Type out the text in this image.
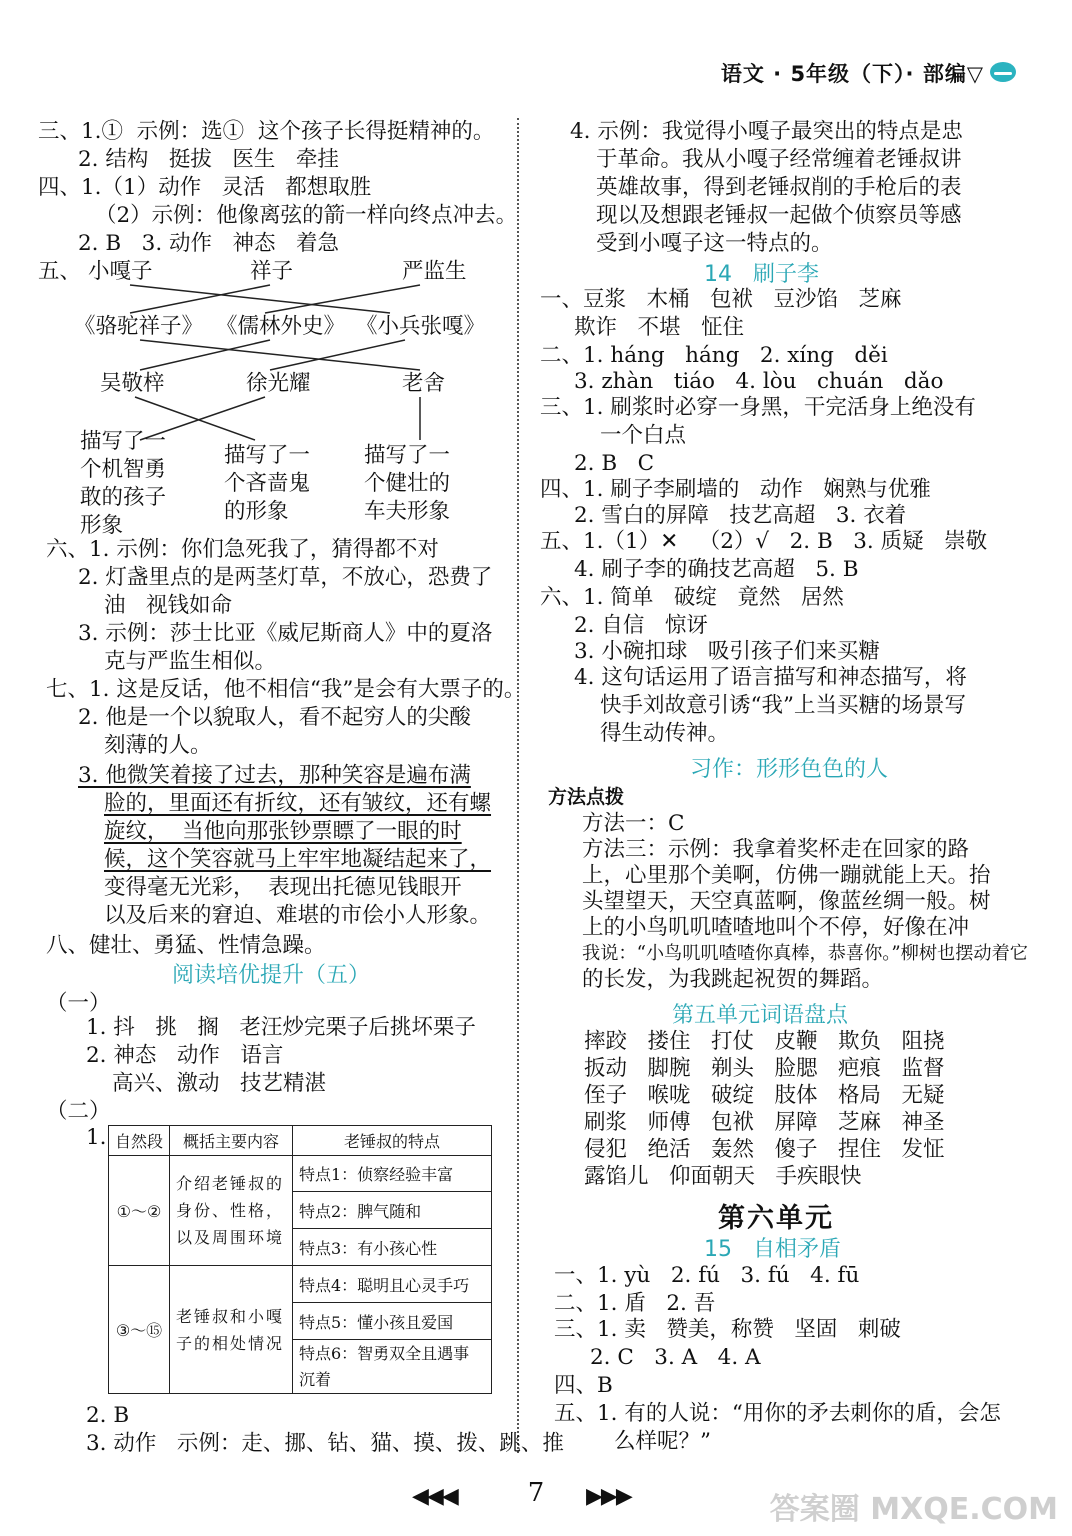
语文 · 5年级（下）· 部编▽
三、1.①  示例：选①  这个孩子长得挺精神的。
2. 结构   挺拔   医生   牵挂
四、1.（1）动作   灵活   都想取胜
（2）示例：他像离弦的箭一样向终点冲去。
2. B   3. 动作   神态   着急
五、 小嘎子	祥子	严监生
《骆驼祥子》 《儒林外史》 《小兵张嘎》
吴敬梓	徐光耀	老舍
描写了一
个机智勇
敢的孩子
形象
描写了一
个吝啬鬼
的形象
描写了一
个健壮的
车夫形象
六、1. 示例：你们急死我了，猜得都不对
2. 灯盏里点的是两茎灯草，不放心，恐费了
油   视钱如命
3. 示例：莎士比亚《威尼斯商人》中的夏洛
克与严监生相似。
七、1. 这是反话，他不相信“我”是会有大票子的。
2. 他是一个以貌取人，看不起穷人的尖酸
刻薄的人。
3. 他微笑着接了过去，那种笑容是遍布满
脸的，里面还有折纹，还有皱纹，还有螺
旋纹，  当他向那张钞票瞟了一眼的时
候，这个笑容就马上牢牢地凝结起来了，
变得毫无光彩，  表现出托德见钱眼开
以及后来的窘迫、难堪的市侩小人形象。
八、健壮、勇猛、性情急躁。
阅读培优提升（五）
（一）
1. 抖   挑   搁   老汪炒完栗子后挑坏栗子
2. 神态   动作   语言
高兴、激动   技艺精湛
（二）
1. 自然段	概括主要内容	老锤叔的特点
①～②	介绍老锤叔的身份、性格，以及周围环境	特点1：侦察经验丰富
		特点2：脾气随和
		特点3：有小孩心性
③～⑮	老锤叔和小嘎子的相处情况	特点4：聪明且心灵手巧
		特点5：懂小孩且爱国
		特点6：智勇双全且遇事沉着
2. B
3. 动作   示例：走、挪、钻、猫、摸、拨、跳、推
4. 示例：我觉得小嘎子最突出的特点是忠
于革命。我从小嘎子经常缠着老锤叔讲
英雄故事，得到老锤叔削的手枪后的表
现以及想跟老锤叔一起做个侦察员等感
受到小嘎子这一特点的。
14   刷子李
一、豆浆   木桶   包袱   豆沙馅   芝麻
欺诈   不堪   怔住
二、1. háng   háng   2. xíng   děi
3. zhàn   tiáo   4. lòu   chuán   dǎo
三、1. 刷浆时必穿一身黑，干完活身上绝没有
一个白点
2. B   C
四、1. 刷子李刷墙的   动作   娴熟与优雅
2. 雪白的屏障   技艺高超   3. 衣着
五、1.（1）✕   （2）√   2. B   3. 质疑   崇敬
4. 刷子李的确技艺高超   5. B
六、1. 简单   破绽   竟然   居然
2. 自信   惊讶
3. 小碗扣球   吸引孩子们来买糖
4. 这句话运用了语言描写和神态描写，将
快手刘故意引诱“我”上当买糖的场景写
得生动传神。
习作：形形色色的人
方法点拨
方法一：C
方法三：示例：我拿着奖杯走在回家的路
上，心里那个美啊，仿佛一蹦就能上天。抬
头望望天，天空真蓝啊，像蓝丝绸一般。树
上的小鸟叽叽喳喳地叫个不停，好像在冲
我说：“小鸟叽叽喳喳你真棒，恭喜你。”柳树也摆动着它
的长发，为我跳起祝贺的舞蹈。
第五单元词语盘点
摔跤   搂住   打仗   皮鞭   欺负   阻挠
扳动   脚腕   剃头   脸腮   疤痕   监督
侄子   喉咙   破绽   肢体   格局   无疑
刷浆   师傅   包袱   屏障   芝麻   神圣
侵犯   绝活   轰然   傻子   捏住   发怔
露馅儿   仰面朝天   手疾眼快
第六单元
15   自相矛盾
一、1. yù   2. fú   3. fú   4. fū
二、1. 盾   2. 吾
三、1. 卖   赞美，称赞   坚固   刺破
2. C   3. A   4. A
四、B
五、1. 有的人说：“用你的矛去刺你的盾，会怎
么样呢？”
◀◀◀	7	▶▶▶	答案圈 MXQE.COM
